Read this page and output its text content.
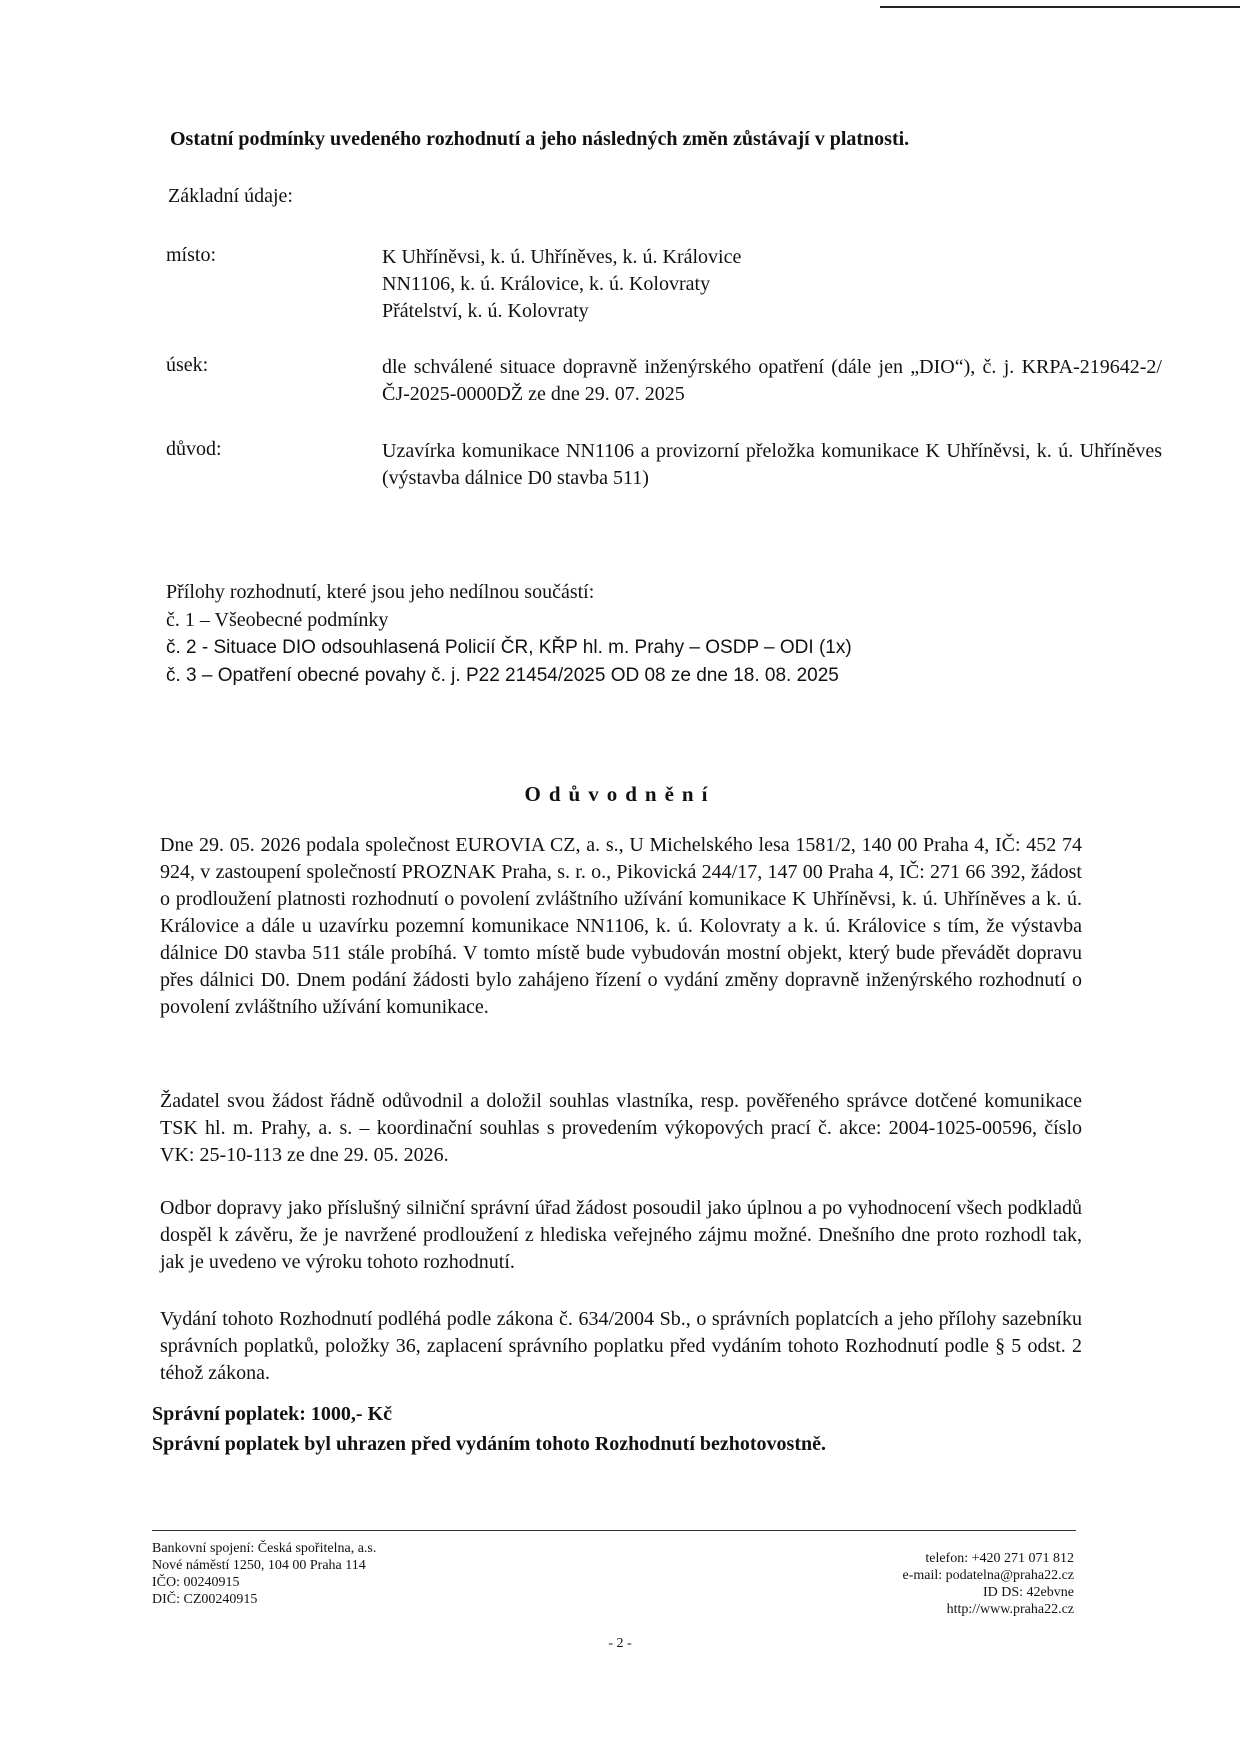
Ostatní podmínky uvedeného rozhodnutí a jeho následných změn zůstávají v platnosti.
Základní údaje:
místo:	K Uhříněvsi, k. ú. Uhříněves, k. ú. Královice
NN1106, k. ú. Královice, k. ú. Kolovraty
Přátelství, k. ú. Kolovraty
úsek:	dle schválené situace dopravně inženýrského opatření (dále jen „DIO“), č. j. KRPA-219642-2/ČJ-2025-0000DŽ ze dne 29. 07. 2025
důvod:	Uzavírka komunikace NN1106 a provizorní přeložka komunikace K Uhříněvsi, k. ú. Uhříněves (výstavba dálnice D0 stavba 511)
Přílohy rozhodnutí, které jsou jeho nedílnou součástí:
č. 1 – Všeobecné podmínky
č. 2 - Situace DIO odsouhlasená Policií ČR, KŘP hl. m. Prahy – OSDP – ODI (1x)
č. 3 – Opatření obecné povahy č. j. P22 21454/2025 OD 08 ze dne 18. 08. 2025
Odůvodnění
Dne 29. 05. 2026 podala společnost EUROVIA CZ, a. s., U Michelského lesa 1581/2, 140 00 Praha 4, IČ: 452 74 924, v zastoupení společností PROZNAK Praha, s. r. o., Pikovická 244/17, 147 00 Praha 4, IČ: 271 66 392, žádost o prodloužení platnosti rozhodnutí o povolení zvláštního užívání komunikace K Uhříněvsi, k. ú. Uhříněves a k. ú. Královice a dále u uzavírku pozemní komunikace NN1106, k. ú. Kolovraty a k. ú. Královice s tím, že výstavba dálnice D0 stavba 511 stále probíhá. V tomto místě bude vybudován mostní objekt, který bude převádět dopravu přes dálnici D0. Dnem podání žádosti bylo zahájeno řízení o vydání změny dopravně inženýrského rozhodnutí o povolení zvláštního užívání komunikace.
Žadatel svou žádost řádně odůvodnil a doložil souhlas vlastníka, resp. pověřeného správce dotčené komunikace TSK hl. m. Prahy, a. s. – koordinační souhlas s provedením výkopových prací č. akce: 2004-1025-00596, číslo VK: 25-10-113 ze dne 29. 05. 2026.
Odbor dopravy jako příslušný silniční správní úřad žádost posoudil jako úplnou a po vyhodnocení všech podkladů dospěl k závěru, že je navržené prodloužení z hlediska veřejného zájmu možné. Dnešního dne proto rozhodl tak, jak je uvedeno ve výroku tohoto rozhodnutí.
Vydání tohoto Rozhodnutí podléhá podle zákona č. 634/2004 Sb., o správních poplatcích a jeho přílohy sazebníku správních poplatků, položky 36, zaplacení správního poplatku před vydáním tohoto Rozhodnutí podle § 5 odst. 2 téhož zákona.
Správní poplatek: 1000,- Kč
Správní poplatek byl uhrazen před vydáním tohoto Rozhodnutí bezhotovostně.
Bankovní spojení: Česká spořitelna, a.s.
Nové náměstí 1250, 104 00 Praha 114
IČO: 00240915
DIČ: CZ00240915
telefon: +420 271 071 812
e-mail: podatelna@praha22.cz
ID DS: 42ebvne
http://www.praha22.cz
- 2 -
